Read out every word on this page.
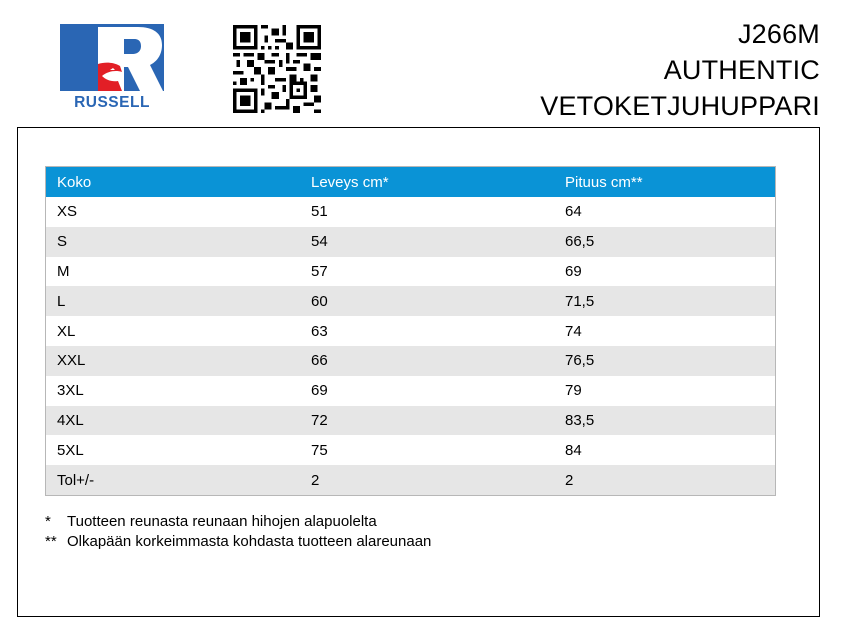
RUSSELL
J266M
AUTHENTIC
VETOKETJUHUPPARI
Koko	Leveys cm*	Pituus cm**
XS	51	64
S	54	66,5
M	57	69
L	60	71,5
XL	63	74
XXL	66	76,5
3XL	69	79
4XL	72	83,5
5XL	75	84
Tol+/-	2	2
* Tuotteen reunasta reunaan hihojen alapuolelta
** Olkapään korkeimmasta kohdasta tuotteen alareunaan
